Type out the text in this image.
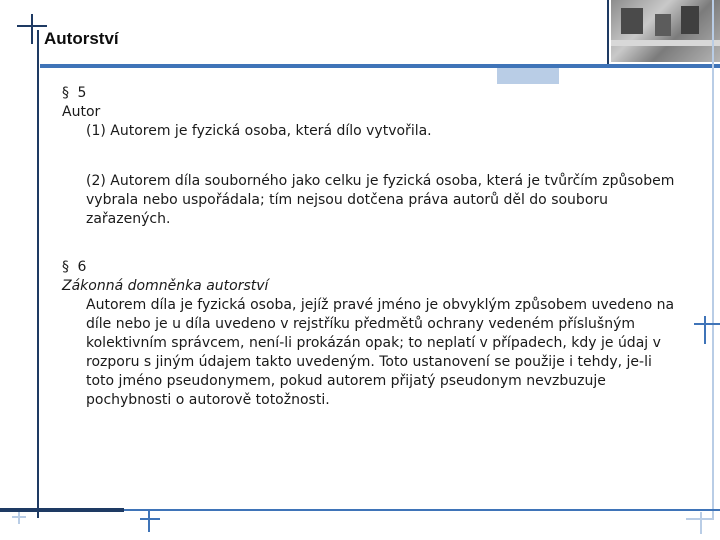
Autorství
§ 5
Autor
(1) Autorem je fyzická osoba, která dílo vytvořila.
(2) Autorem díla souborného jako celku je fyzická osoba, která je tvůrčím způsobem
vybrala nebo uspořádala; tím nejsou dotčena práva autorů děl do souboru
zařazených.
§ 6
Zákonná domněnka autorství
Autorem díla je fyzická osoba, jejíž pravé jméno je obvyklým způsobem uvedeno na
díle nebo je u díla uvedeno v rejstříku předmětů ochrany vedeném příslušným
kolektivním správcem, není-li prokázán opak; to neplatí v případech, kdy je údaj v
rozporu s jiným údajem takto uvedeným. Toto ustanovení se použije i tehdy, je-li
toto jméno pseudonymem, pokud autorem přijatý pseudonym nevzbuzuje
pochybnosti o autorově totožnosti.
